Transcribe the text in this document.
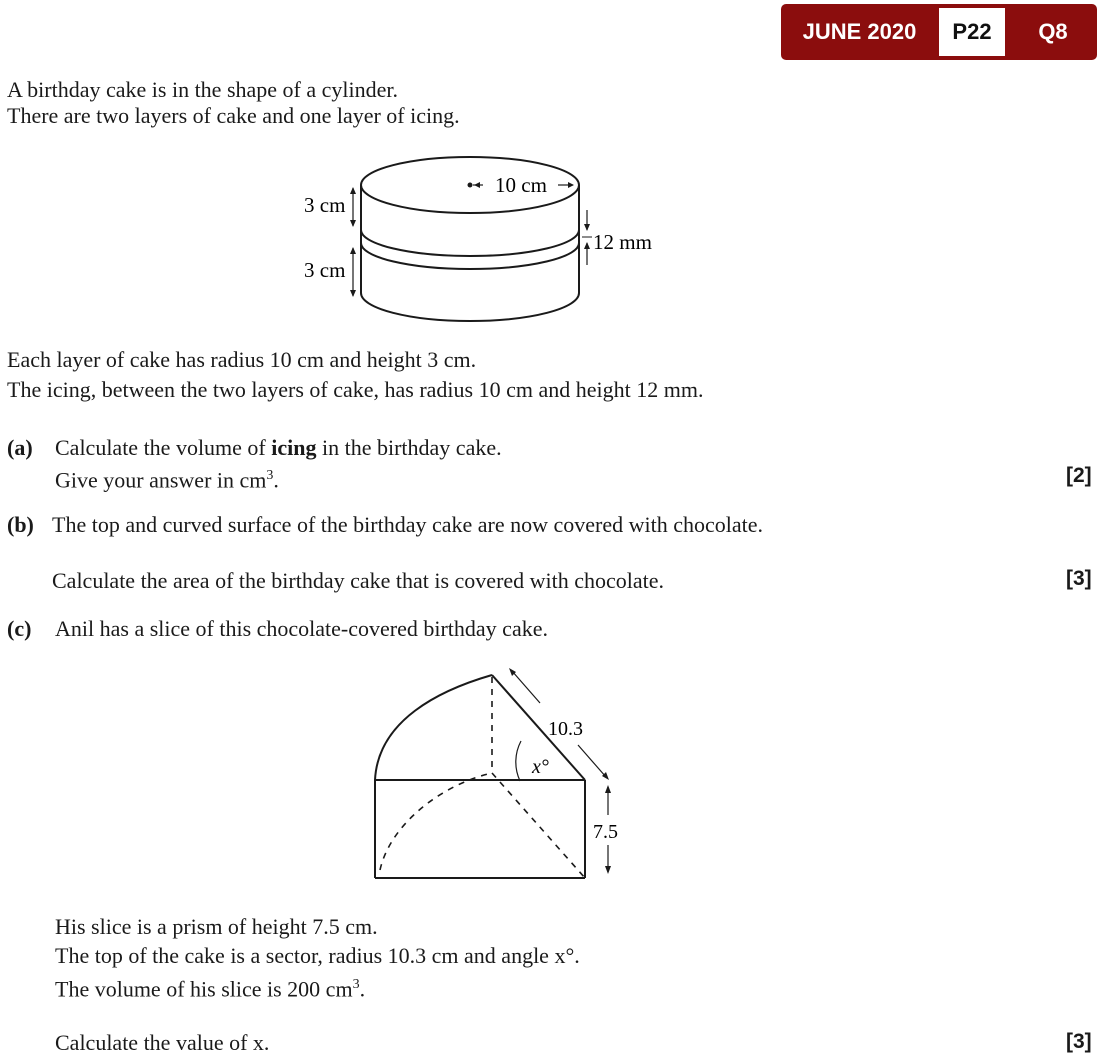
JUNE 2020	P22	Q8
A birthday cake is in the shape of a cylinder.
There are two layers of cake and one layer of icing.
10 cm
3 cm
3 cm
12 mm
Each layer of cake has radius 10 cm and height 3 cm.
The icing, between the two layers of cake, has radius 10 cm and height 12 mm.
(a) Calculate the volume of icing in the birthday cake.
Give your answer in $cm^3$.	[2]
(b) The top and curved surface of the birthday cake are now covered with chocolate.
Calculate the area of the birthday cake that is covered with chocolate.	[3]
(c) Anil has a slice of this chocolate-covered birthday cake.
x°
10.3
7.5
His slice is a prism of height 7.5 cm.
The top of the cake is a sector, radius 10.3 cm and angle x°.
The volume of his slice is 200 $cm^3$.
Calculate the value of x.	[3]
